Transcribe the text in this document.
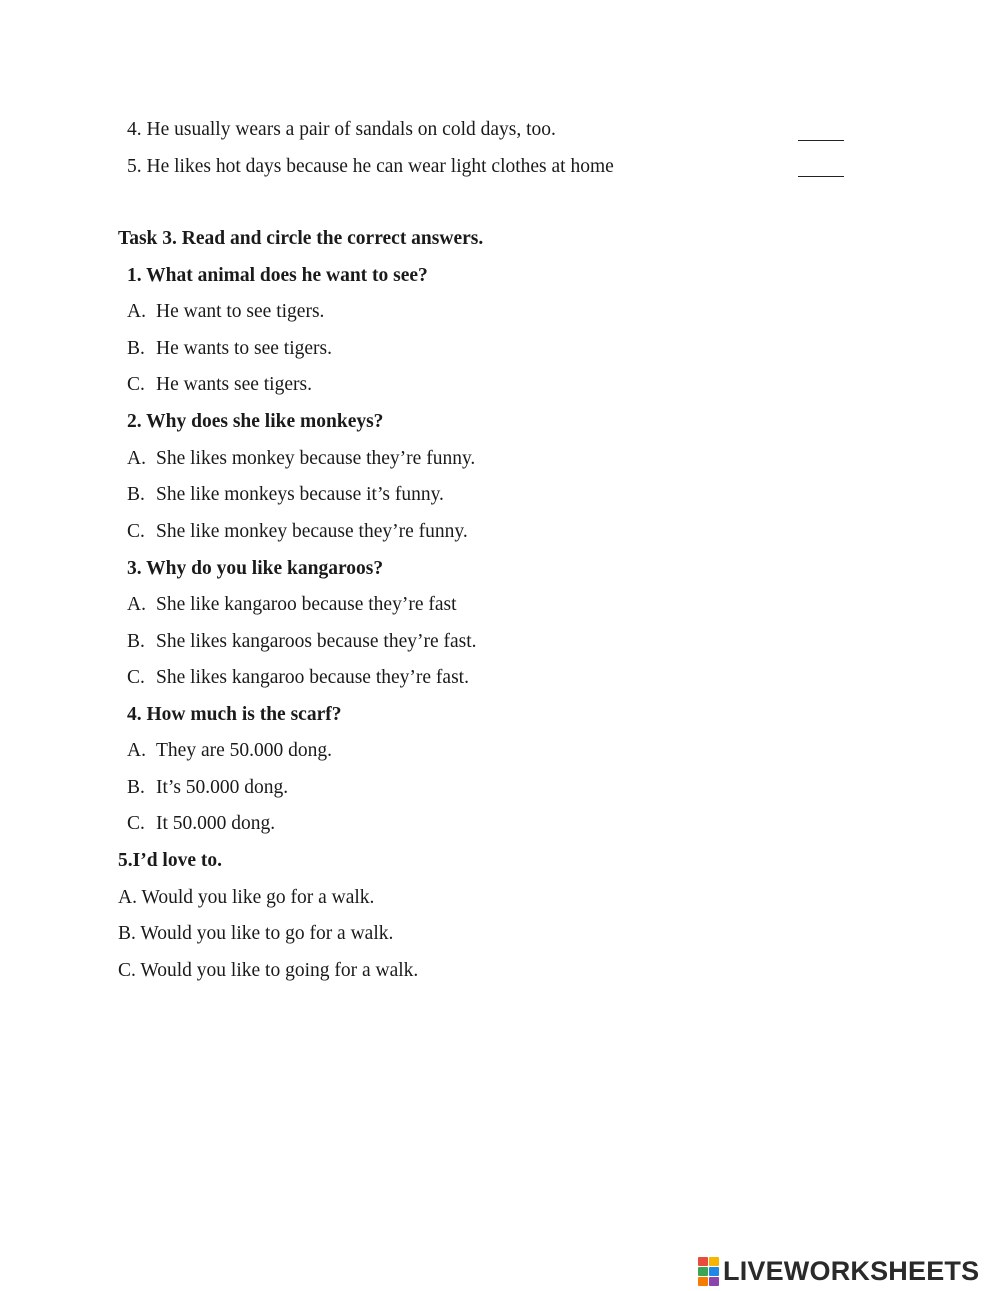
4. He usually wears a pair of sandals on cold days, too.
5. He likes hot days because he can wear light clothes at home
Task 3. Read and circle the correct answers.
1. What animal does he want to see?
A. He want to see tigers.
B. He wants to see tigers.
C. He wants see tigers.
2. Why does she like monkeys?
A. She likes monkey because they’re funny.
B. She like monkeys because it’s funny.
C. She like monkey because they’re funny.
3. Why do you like kangaroos?
A. She like kangaroo because they’re fast
B. She likes kangaroos because they’re fast.
C. She likes kangaroo because they’re fast.
4. How much is the scarf?
A. They are 50.000 dong.
B. It’s 50.000 dong.
C. It 50.000 dong.
5.I’d love to.
A. Would you like go for a walk.
B. Would you like to go for a walk.
C. Would you like to going for a walk.
LIVEWORKSHEETS
